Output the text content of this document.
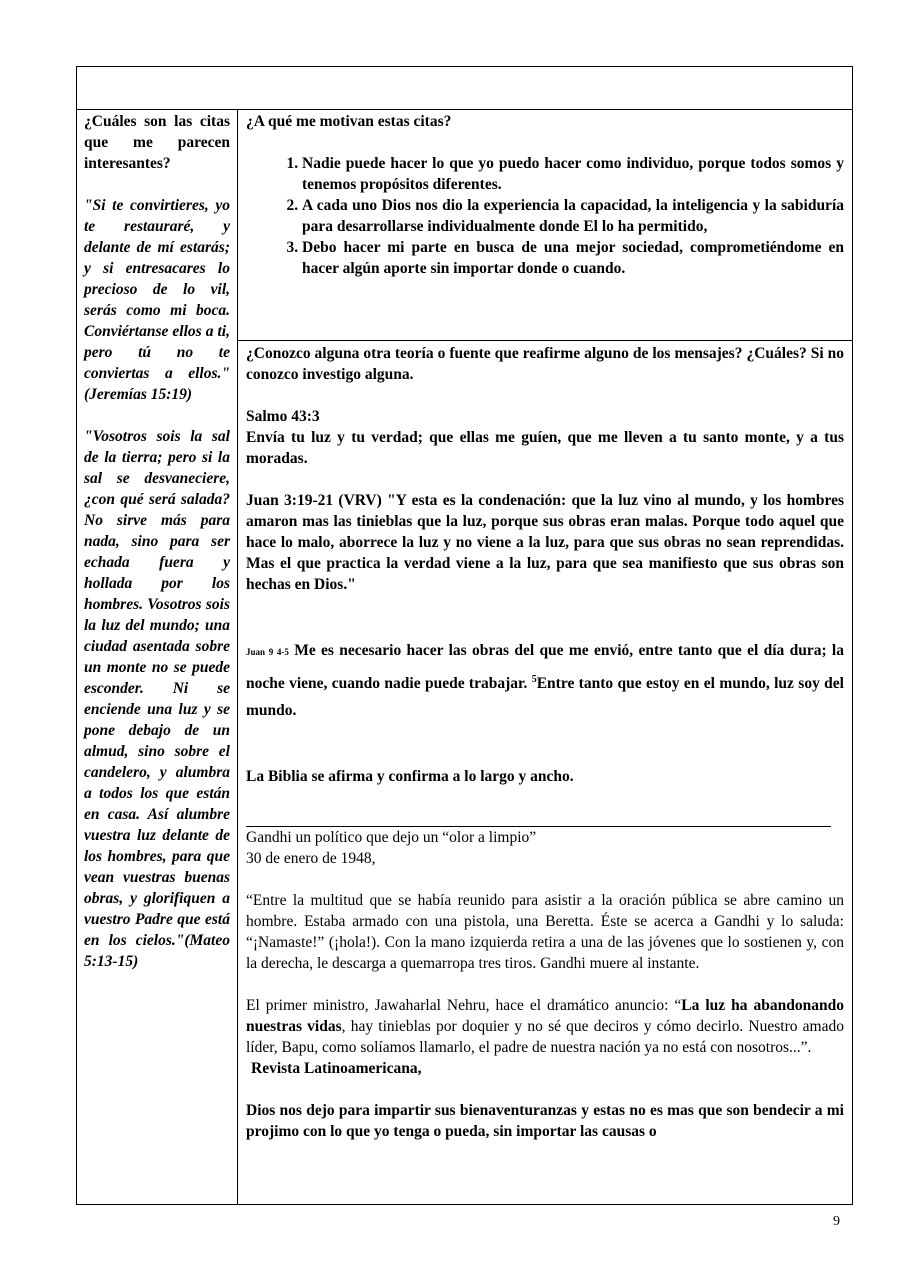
¿Cuáles son las citas que me parecen interesantes?

"Si te convirtieres, yo te restauraré, y delante de mí estarás; y si entresacares lo precioso de lo vil, serás como mi boca. Conviértanse ellos a ti, pero tú no te conviertas a ellos." (Jeremías 15:19)

"Vosotros sois la sal de la tierra; pero si la sal se desvaneciere, ¿con qué será salada? No sirve más para nada, sino para ser echada fuera y hollada por los hombres. Vosotros sois la luz del mundo; una ciudad asentada sobre un monte no se puede esconder. Ni se enciende una luz y se pone debajo de un almud, sino sobre el candelero, y alumbra a todos los que están en casa. Así alumbre vuestra luz delante de los hombres, para que vean vuestras buenas obras, y glorifiquen a vuestro Padre que está en los cielos."(Mateo 5:13-15)

¿A qué me motivan estas citas?

1. Nadie puede hacer lo que yo puedo hacer como individuo, porque todos somos y tenemos propósitos diferentes.
2. A cada uno Dios nos dio la experiencia la capacidad, la inteligencia y la sabiduría para desarrollarse individualmente donde El lo ha permitido,
3. Debo hacer mi parte en busca de una mejor sociedad, comprometiéndome en hacer algún aporte sin importar donde o cuando.

¿Conozco alguna otra teoría o fuente que reafirme alguno de los mensajes? ¿Cuáles? Si no conozco investigo alguna.

Salmo 43:3

Envía tu luz y tu verdad; que ellas me guíen, que me lleven a tu santo monte, y a tus moradas.

Juan 3:19-21 (VRV) "Y esta es la condenación: que la luz vino al mundo, y los hombres amaron mas las tinieblas que la luz, porque sus obras eran malas. Porque todo aquel que hace lo malo, aborrece la luz y no viene a la luz, para que sus obras no sean reprendidas. Mas el que practica la verdad viene a la luz, para que sea manifiesto que sus obras son hechas en Dios."

Juan 9 4-5 Me es necesario hacer las obras del que me envió, entre tanto que el día dura; la noche viene, cuando nadie puede trabajar. $^5$Entre tanto que estoy en el mundo, luz soy del mundo.

La Biblia se afirma y confirma a lo largo y ancho.

Gandhi un político que dejo un “olor a limpio”

30 de enero de 1948,

“Entre la multitud que se había reunido para asistir a la oración pública se abre camino un hombre. Estaba armado con una pistola, una Beretta. Éste se acerca a Gandhi y lo saluda: “¡Namaste!” (¡hola!). Con la mano izquierda retira a una de las jóvenes que lo sostienen y, con la derecha, le descarga a quemarropa tres tiros. Gandhi muere al instante.

El primer ministro, Jawaharlal Nehru, hace el dramático anuncio: “La luz ha abandonando nuestras vidas, hay tinieblas por doquier y no sé que deciros y cómo decirlo. Nuestro amado líder, Bapu, como solíamos llamarlo, el padre de nuestra nación ya no está con nosotros...”.

Revista Latinoamericana,

Dios nos dejo para impartir sus bienaventuranzas y estas no es mas que son bendecir a mi projimo con lo que yo tenga o pueda, sin importar las causas o

9
